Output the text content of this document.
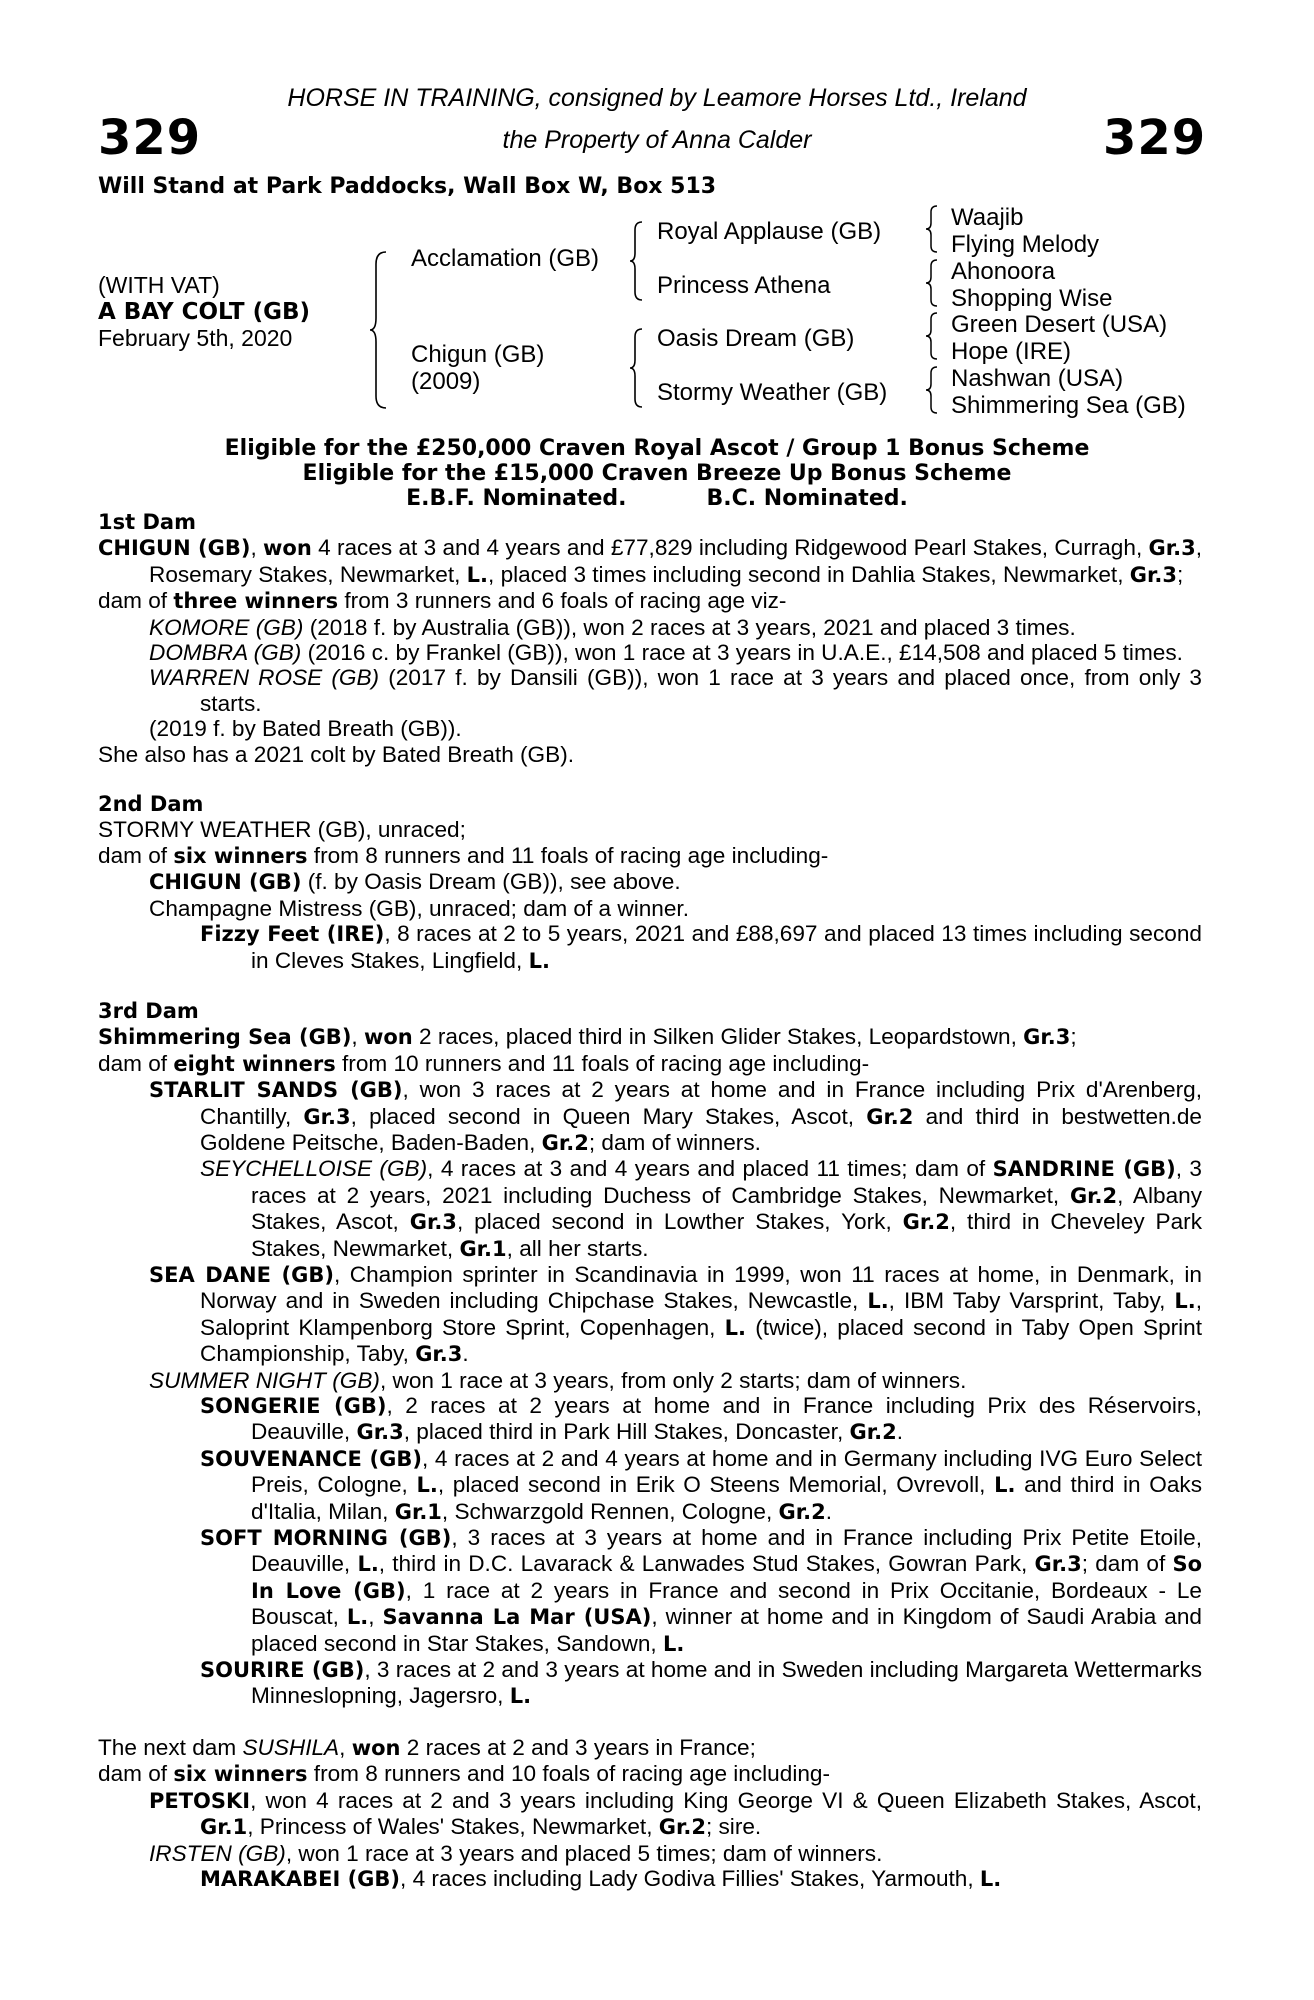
329	329
HORSE IN TRAINING, consigned by Leamore Horses Ltd., Ireland
the Property of Anna Calder
Will Stand at Park Paddocks, Wall Box W, Box 513
(WITH VAT)
A BAY COLT (GB)
February 5th, 2020
Acclamation (GB)
Chigun (GB)
(2009)
Royal Applause (GB)
Princess Athena
Oasis Dream (GB)
Stormy Weather (GB)
Waajib
Flying Melody
Ahonoora
Shopping Wise
Green Desert (USA)
Hope (IRE)
Nashwan (USA)
Shimmering Sea (GB)
Eligible for the £250,000 Craven Royal Ascot / Group 1 Bonus Scheme
Eligible for the £15,000 Craven Breeze Up Bonus Scheme
E.B.F. Nominated.	B.C. Nominated.
1st Dam
CHIGUN (GB), won 4 races at 3 and 4 years and £77,829 including Ridgewood Pearl Stakes, Curragh, Gr.3, Rosemary Stakes, Newmarket, L., placed 3 times including second in Dahlia Stakes, Newmarket, Gr.3;
dam of three winners from 3 runners and 6 foals of racing age viz-
KOMORE (GB) (2018 f. by Australia (GB)), won 2 races at 3 years, 2021 and placed 3 times.
DOMBRA (GB) (2016 c. by Frankel (GB)), won 1 race at 3 years in U.A.E., £14,508 and placed 5 times.
WARREN ROSE (GB) (2017 f. by Dansili (GB)), won 1 race at 3 years and placed once, from only 3 starts.
(2019 f. by Bated Breath (GB)).
She also has a 2021 colt by Bated Breath (GB).
2nd Dam
STORMY WEATHER (GB), unraced;
dam of six winners from 8 runners and 11 foals of racing age including-
CHIGUN (GB) (f. by Oasis Dream (GB)), see above.
Champagne Mistress (GB), unraced; dam of a winner.
Fizzy Feet (IRE), 8 races at 2 to 5 years, 2021 and £88,697 and placed 13 times including second in Cleves Stakes, Lingfield, L.
3rd Dam
Shimmering Sea (GB), won 2 races, placed third in Silken Glider Stakes, Leopardstown, Gr.3;
dam of eight winners from 10 runners and 11 foals of racing age including-
STARLIT SANDS (GB), won 3 races at 2 years at home and in France including Prix d'Arenberg, Chantilly, Gr.3, placed second in Queen Mary Stakes, Ascot, Gr.2 and third in bestwetten.de Goldene Peitsche, Baden-Baden, Gr.2; dam of winners.
SEYCHELLOISE (GB), 4 races at 3 and 4 years and placed 11 times; dam of SANDRINE (GB), 3 races at 2 years, 2021 including Duchess of Cambridge Stakes, Newmarket, Gr.2, Albany Stakes, Ascot, Gr.3, placed second in Lowther Stakes, York, Gr.2, third in Cheveley Park Stakes, Newmarket, Gr.1, all her starts.
SEA DANE (GB), Champion sprinter in Scandinavia in 1999, won 11 races at home, in Denmark, in Norway and in Sweden including Chipchase Stakes, Newcastle, L., IBM Taby Varsprint, Taby, L., Saloprint Klampenborg Store Sprint, Copenhagen, L. (twice), placed second in Taby Open Sprint Championship, Taby, Gr.3.
SUMMER NIGHT (GB), won 1 race at 3 years, from only 2 starts; dam of winners.
SONGERIE (GB), 2 races at 2 years at home and in France including Prix des Réservoirs, Deauville, Gr.3, placed third in Park Hill Stakes, Doncaster, Gr.2.
SOUVENANCE (GB), 4 races at 2 and 4 years at home and in Germany including IVG Euro Select Preis, Cologne, L., placed second in Erik O Steens Memorial, Ovrevoll, L. and third in Oaks d'Italia, Milan, Gr.1, Schwarzgold Rennen, Cologne, Gr.2.
SOFT MORNING (GB), 3 races at 3 years at home and in France including Prix Petite Etoile, Deauville, L., third in D.C. Lavarack & Lanwades Stud Stakes, Gowran Park, Gr.3; dam of So In Love (GB), 1 race at 2 years in France and second in Prix Occitanie, Bordeaux - Le Bouscat, L., Savanna La Mar (USA), winner at home and in Kingdom of Saudi Arabia and placed second in Star Stakes, Sandown, L.
SOURIRE (GB), 3 races at 2 and 3 years at home and in Sweden including Margareta Wettermarks Minneslopning, Jagersro, L.
The next dam SUSHILA, won 2 races at 2 and 3 years in France;
dam of six winners from 8 runners and 10 foals of racing age including-
PETOSKI, won 4 races at 2 and 3 years including King George VI & Queen Elizabeth Stakes, Ascot, Gr.1, Princess of Wales' Stakes, Newmarket, Gr.2; sire.
IRSTEN (GB), won 1 race at 3 years and placed 5 times; dam of winners.
MARAKABEI (GB), 4 races including Lady Godiva Fillies' Stakes, Yarmouth, L.
